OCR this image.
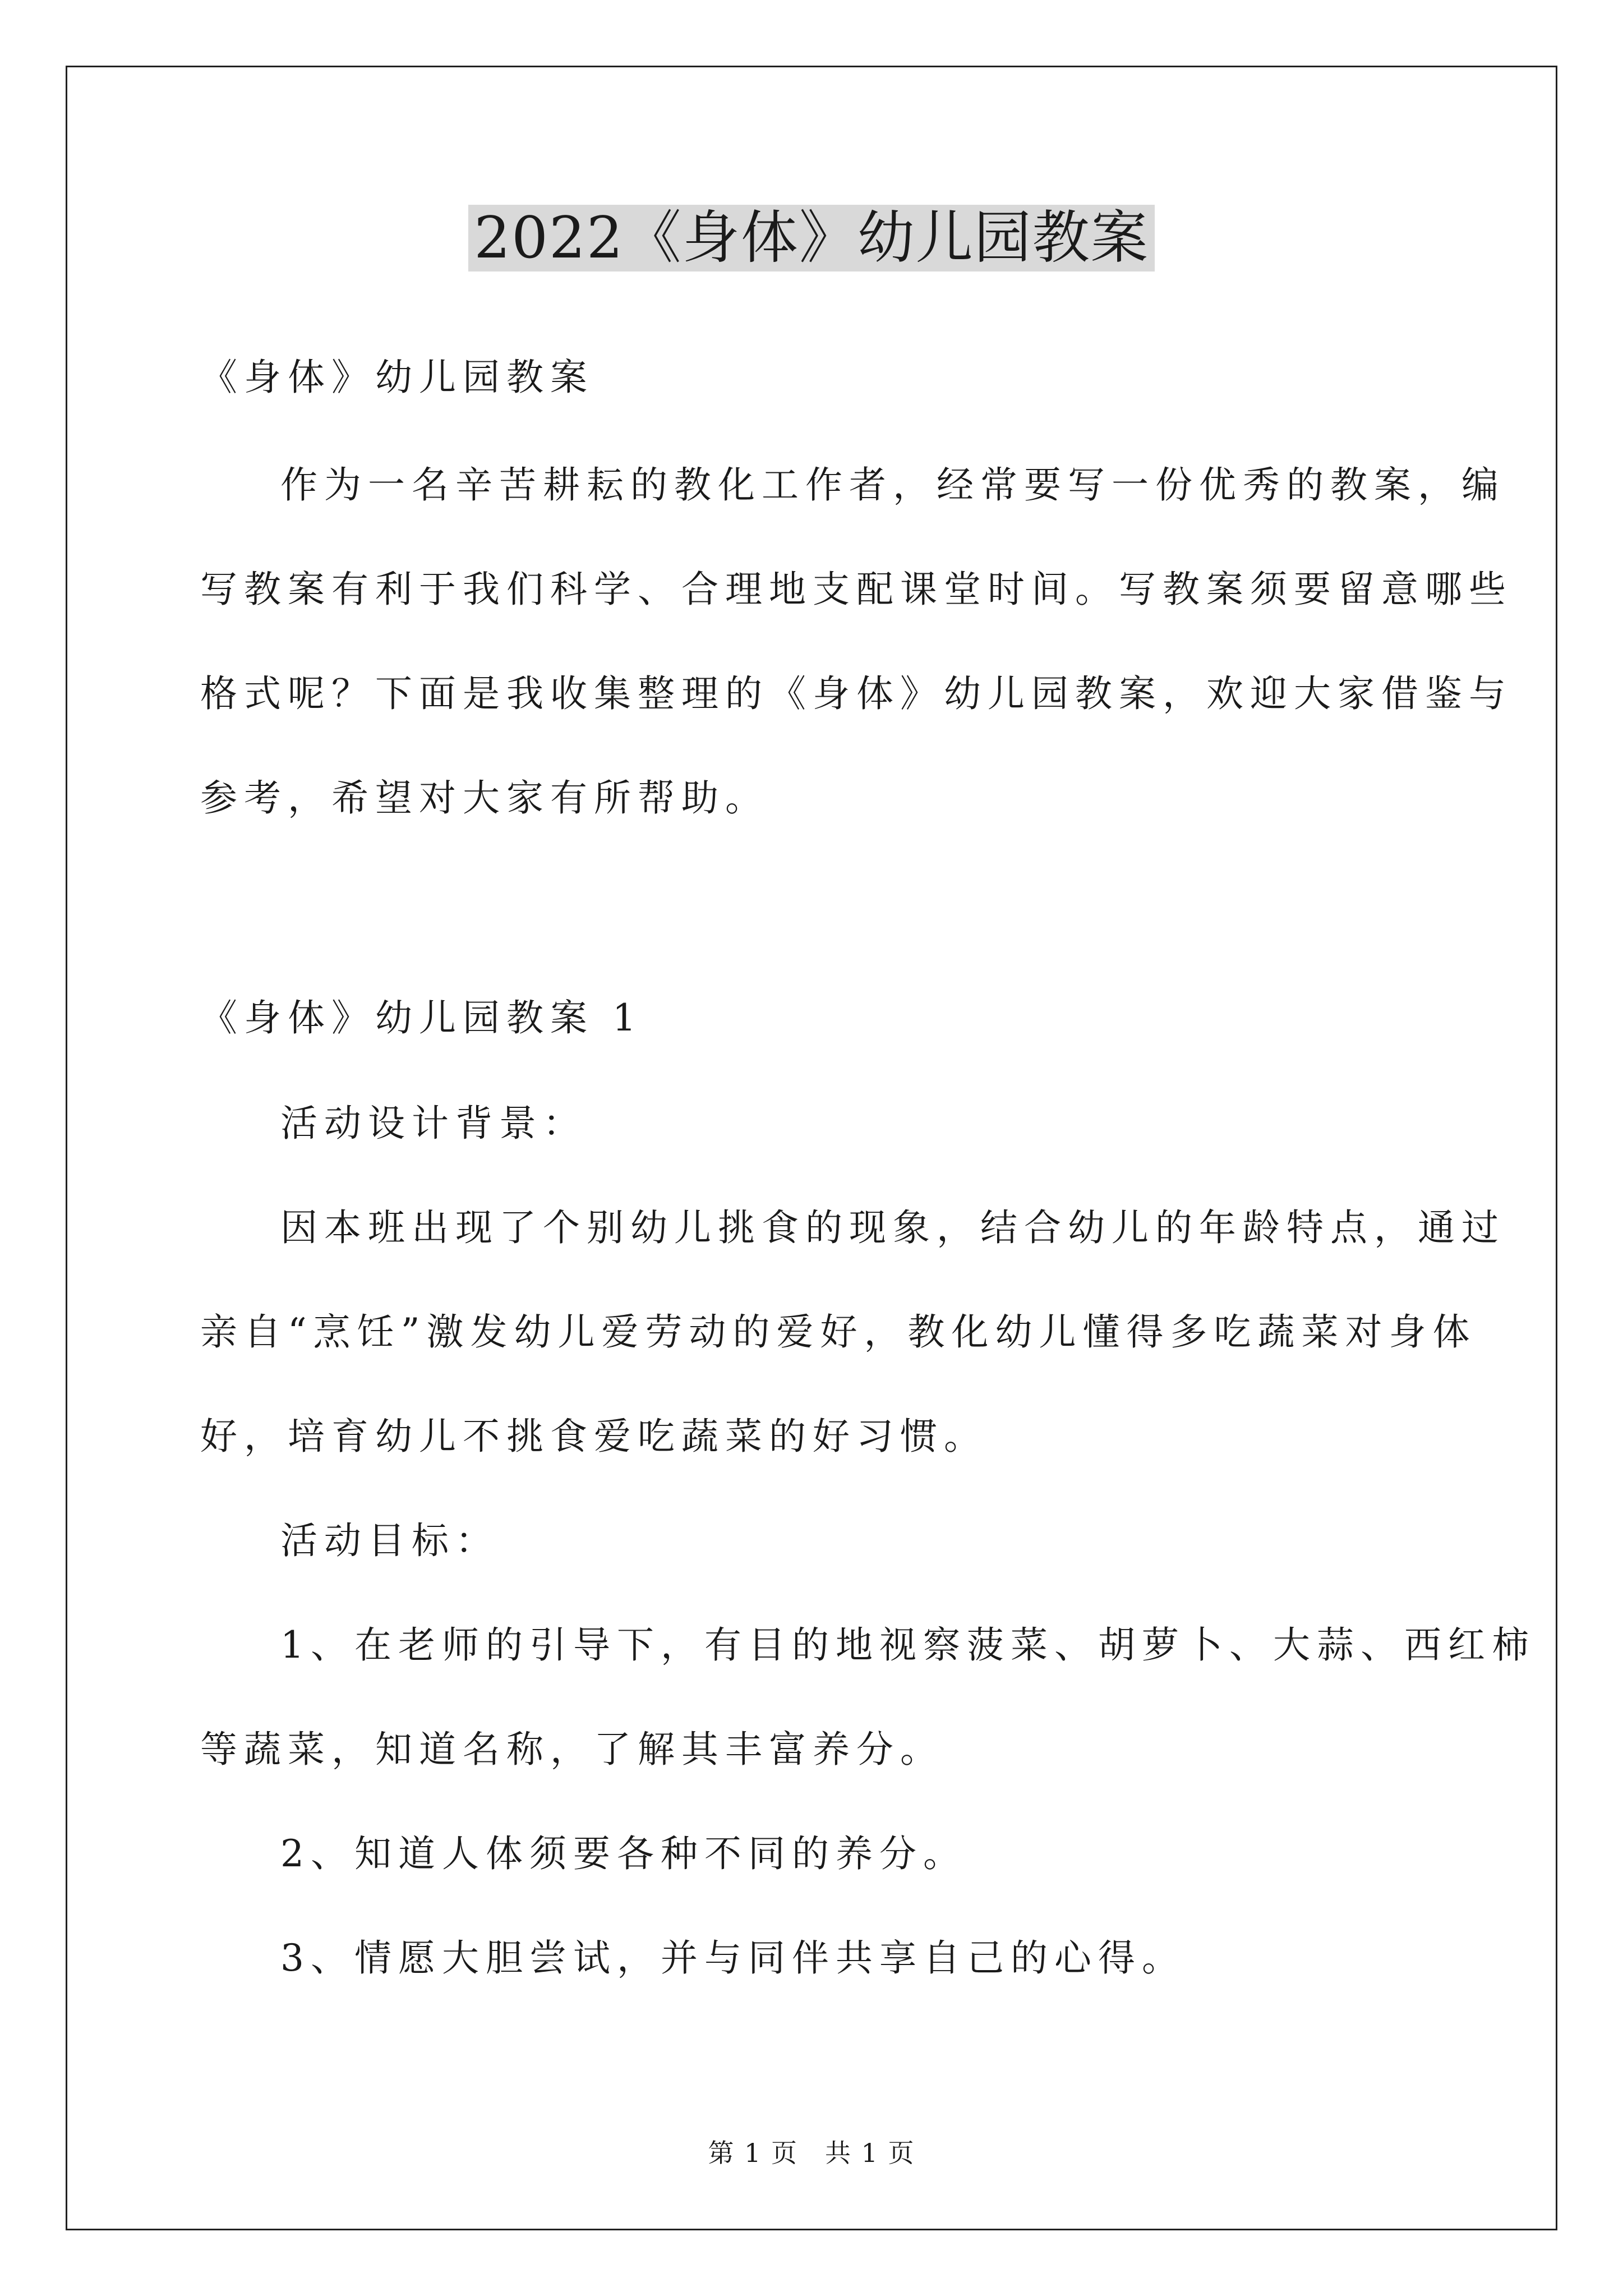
2022《身体》幼儿园教案
《身体》幼儿园教案
作为一名辛苦耕耘的教化工作者，经常要写一份优秀的教案，编
写教案有利于我们科学、合理地支配课堂时间。写教案须要留意哪些
格式呢？下面是我收集整理的《身体》幼儿园教案，欢迎大家借鉴与
参考，希望对大家有所帮助。
《身体》幼儿园教案 1
活动设计背景：
因本班出现了个别幼儿挑食的现象，结合幼儿的年龄特点，通过
亲自“烹饪”激发幼儿爱劳动的爱好，教化幼儿懂得多吃蔬菜对身体
好，培育幼儿不挑食爱吃蔬菜的好习惯。
活动目标：
1、在老师的引导下，有目的地视察菠菜、胡萝卜、大蒜、西红柿
等蔬菜，知道名称，了解其丰富养分。
2、知道人体须要各种不同的养分。
3、情愿大胆尝试，并与同伴共享自己的心得。
第 1 页 共 1 页
